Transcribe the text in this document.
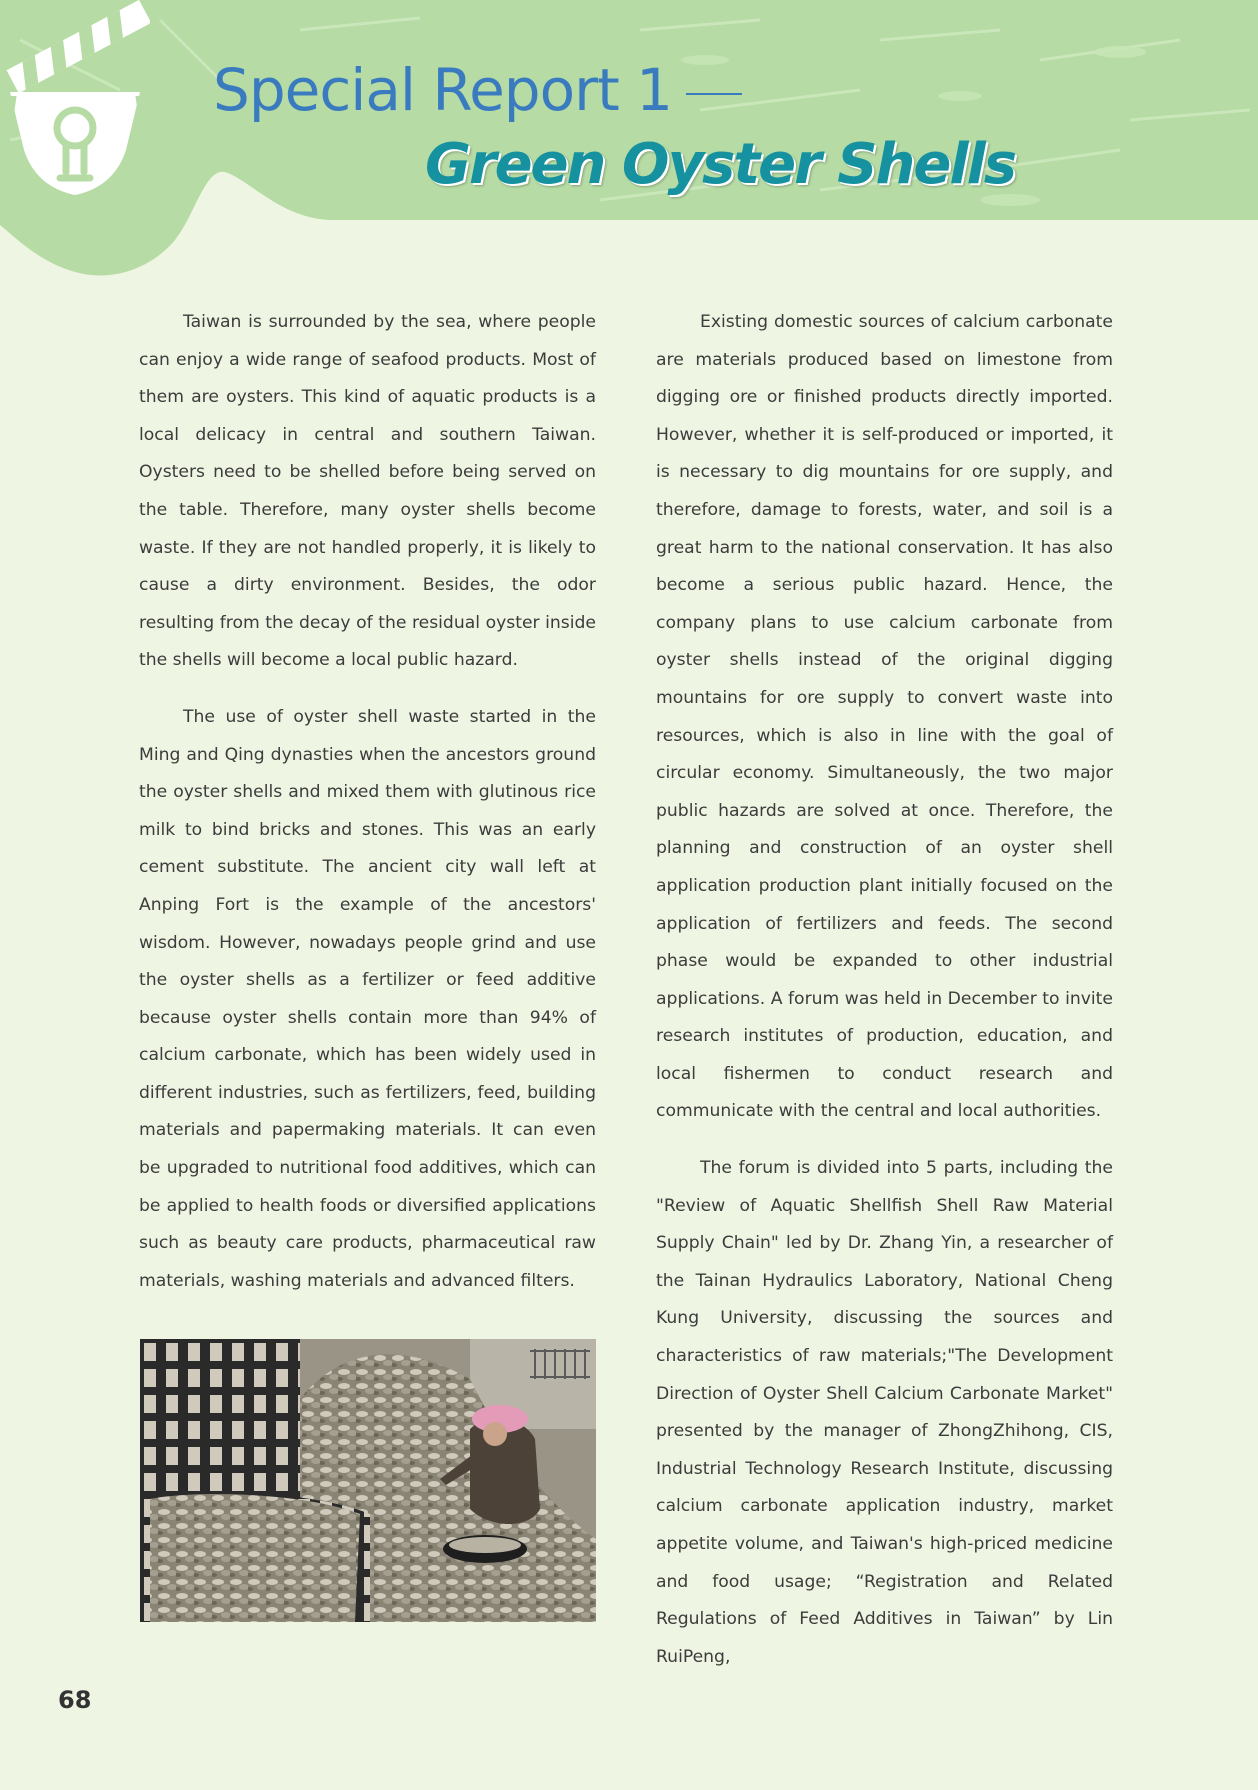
Special Report 1
Green Oyster Shells

Taiwan is surrounded by the sea, where people can enjoy a wide range of seafood products. Most of them are oysters. This kind of aquatic products is a local delicacy in central and southern Taiwan. Oysters need to be shelled before being served on the table. Therefore, many oyster shells become waste. If they are not handled properly, it is likely to cause a dirty environment. Besides, the odor resulting from the decay of the residual oyster inside the shells will become a local public hazard.

The use of oyster shell waste started in the Ming and Qing dynasties when the ancestors ground the oyster shells and mixed them with glutinous rice milk to bind bricks and stones. This was an early cement substitute. The ancient city wall left at Anping Fort is the example of the ancestors' wisdom. However, nowadays people grind and use the oyster shells as a fertilizer or feed additive because oyster shells contain more than 94% of calcium carbonate, which has been widely used in different industries, such as fertilizers, feed, building materials and papermaking materials. It can even be upgraded to nutritional food additives, which can be applied to health foods or diversified applications such as beauty care products, pharmaceutical raw materials, washing materials and advanced filters.

Existing domestic sources of calcium carbonate are materials produced based on limestone from digging ore or finished products directly imported. However, whether it is self-produced or imported, it is necessary to dig mountains for ore supply, and therefore, damage to forests, water, and soil is a great harm to the national conservation. It has also become a serious public hazard. Hence, the company plans to use calcium carbonate from oyster shells instead of the original digging mountains for ore supply to convert waste into resources, which is also in line with the goal of circular economy. Simultaneously, the two major public hazards are solved at once. Therefore, the planning and construction of an oyster shell application production plant initially focused on the application of fertilizers and feeds. The second phase would be expanded to other industrial applications. A forum was held in December to invite research institutes of production, education, and local fishermen to conduct research and communicate with the central and local authorities.

The forum is divided into 5 parts, including the "Review of Aquatic Shellfish Shell Raw Material Supply Chain" led by Dr. Zhang Yin, a researcher of the Tainan Hydraulics Laboratory, National Cheng Kung University, discussing the sources and characteristics of raw materials;"The Development Direction of Oyster Shell Calcium Carbonate Market" presented by the manager of ZhongZhihong, CIS, Industrial Technology Research Institute, discussing calcium carbonate application industry, market appetite volume, and Taiwan's high-priced medicine and food usage; “Registration and Related Regulations of Feed Additives in Taiwan” by Lin RuiPeng,

68
